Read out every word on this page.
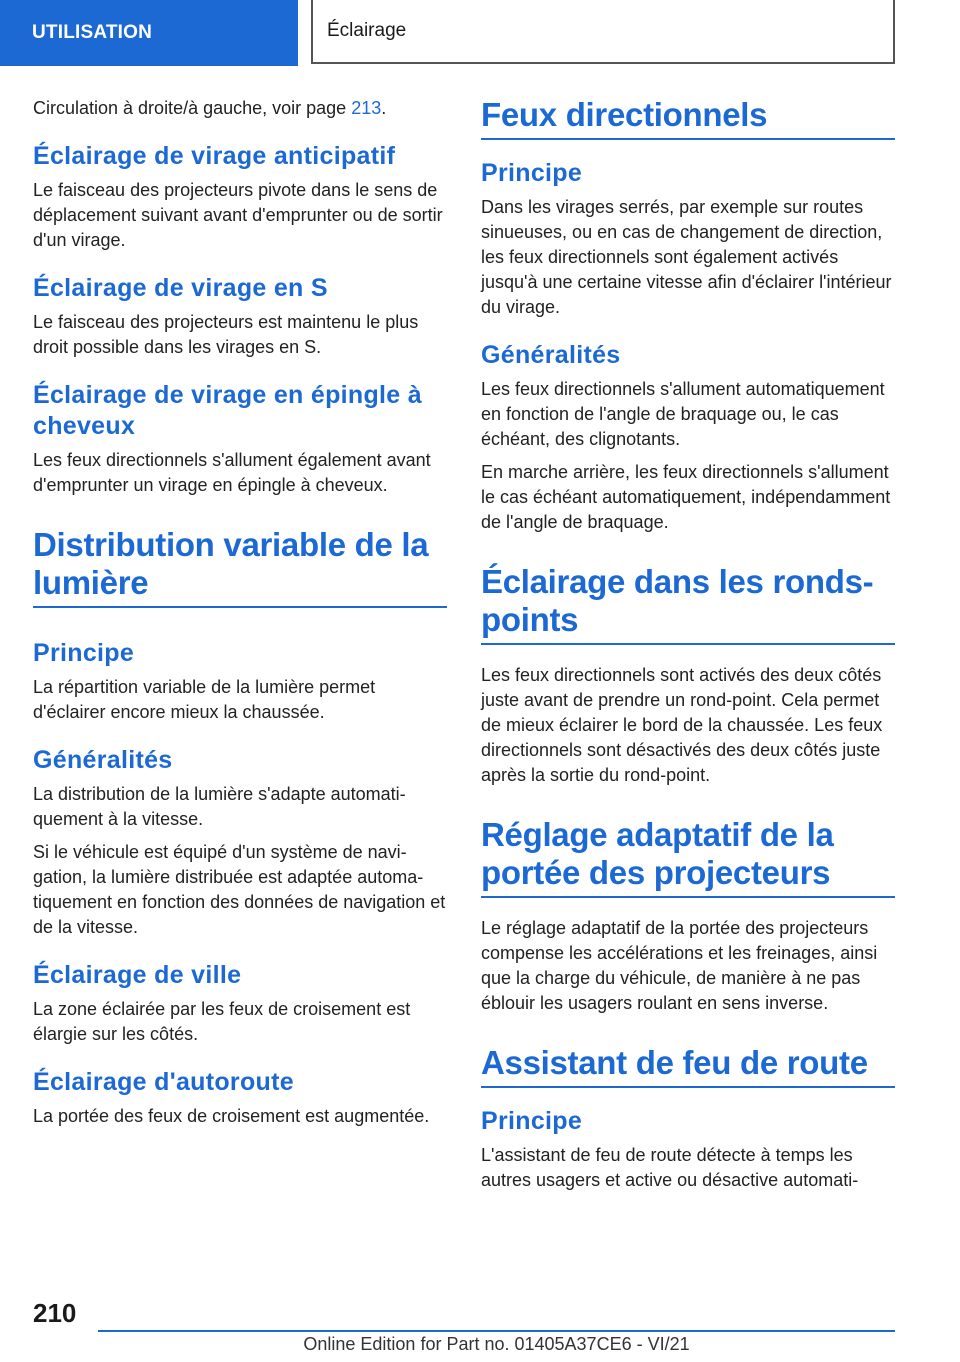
UTILISATION	Éclairage

Circulation à droite/à gauche, voir page 213.

Éclairage de virage anticipatif

Le faisceau des projecteurs pivote dans le sens de déplacement suivant avant d'emprunter ou de sortir d'un virage.

Éclairage de virage en S

Le faisceau des projecteurs est maintenu le plus droit possible dans les virages en S.

Éclairage de virage en épingle à cheveux

Les feux directionnels s'allument également avant d'emprunter un virage en épingle à cheveux.

Distribution variable de la lumière
Principe

La répartition variable de la lumière permet d'éclairer encore mieux la chaussée.

Généralités

La distribution de la lumière s'adapte automatiquement à la vitesse.

Si le véhicule est équipé d'un système de navigation, la lumière distribuée est adaptée automatiquement en fonction des données de navigation et de la vitesse.

Éclairage de ville

La zone éclairée par les feux de croisement est élargie sur les côtés.

Éclairage d'autoroute

La portée des feux de croisement est augmentée.

Feux directionnels
Principe

Dans les virages serrés, par exemple sur routes sinueuses, ou en cas de changement de direction, les feux directionnels sont également activés jusqu'à une certaine vitesse afin d'éclairer l'intérieur du virage.

Généralités

Les feux directionnels s'allument automatiquement en fonction de l'angle de braquage ou, le cas échéant, des clignotants.

En marche arrière, les feux directionnels s'allument le cas échéant automatiquement, indépendamment de l'angle de braquage.

Éclairage dans les ronds-points

Les feux directionnels sont activés des deux côtés juste avant de prendre un rond-point. Cela permet de mieux éclairer le bord de la chaussée. Les feux directionnels sont désactivés des deux côtés juste après la sortie du rond-point.

Réglage adaptatif de la portée des projecteurs

Le réglage adaptatif de la portée des projecteurs compense les accélérations et les freinages, ainsi que la charge du véhicule, de manière à ne pas éblouir les usagers roulant en sens inverse.

Assistant de feu de route
Principe

L'assistant de feu de route détecte à temps les autres usagers et active ou désactive automati-

210
Online Edition for Part no. 01405A37CE6 - VI/21
